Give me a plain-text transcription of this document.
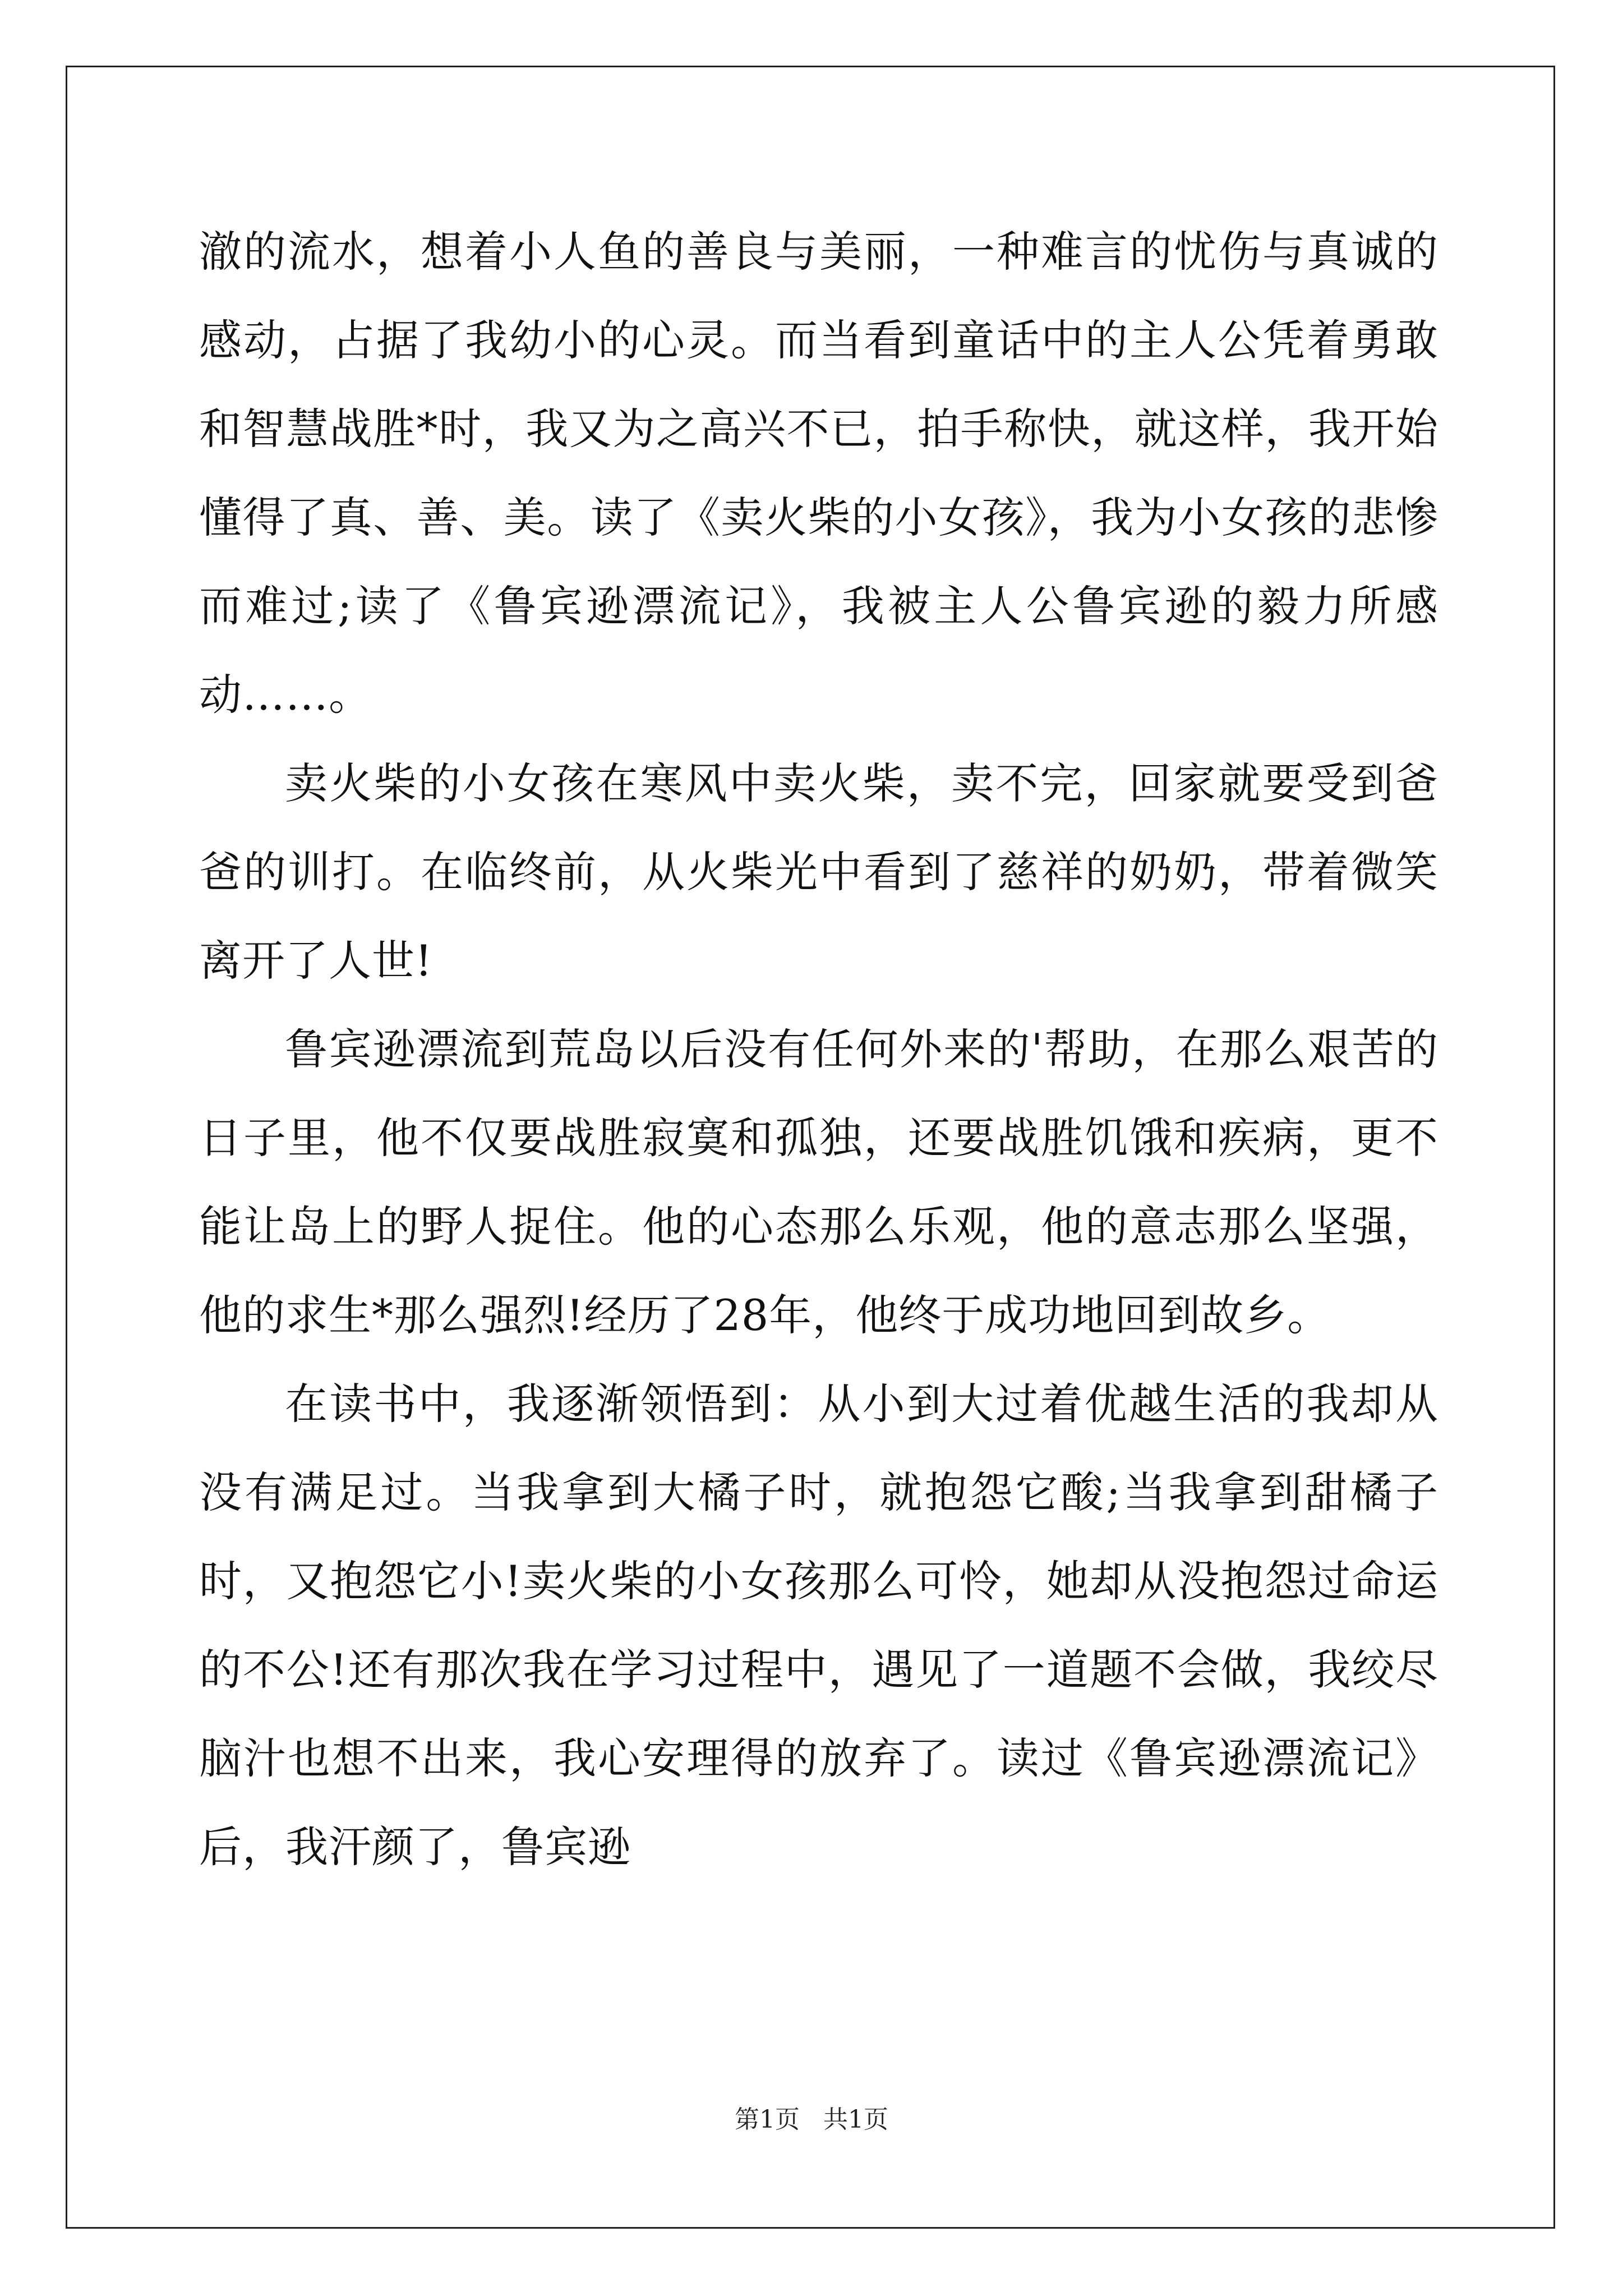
澈的流水，想着小人鱼的善良与美丽，一种难言的忧伤与真诚的感动，占据了我幼小的心灵。而当看到童话中的主人公凭着勇敢和智慧战胜*时，我又为之高兴不已，拍手称快，就这样，我开始懂得了真、善、美。读了《卖火柴的小女孩》，我为小女孩的悲惨而难过;读了《鲁宾逊漂流记》，我被主人公鲁宾逊的毅力所感动……。

卖火柴的小女孩在寒风中卖火柴，卖不完，回家就要受到爸爸的训打。在临终前，从火柴光中看到了慈祥的奶奶，带着微笑离开了人世!

鲁宾逊漂流到荒岛以后没有任何外来的'帮助，在那么艰苦的日子里，他不仅要战胜寂寞和孤独，还要战胜饥饿和疾病，更不能让岛上的野人捉住。他的心态那么乐观，他的意志那么坚强，他的求生*那么强烈!经历了28年，他终于成功地回到故乡。

在读书中，我逐渐领悟到：从小到大过着优越生活的我却从没有满足过。当我拿到大橘子时，就抱怨它酸;当我拿到甜橘子时，又抱怨它小!卖火柴的小女孩那么可怜，她却从没抱怨过命运的不公!还有那次我在学习过程中，遇见了一道题不会做，我绞尽脑汁也想不出来，我心安理得的放弃了。读过《鲁宾逊漂流记》后，我汗颜了，鲁宾逊

第1页   共1页
